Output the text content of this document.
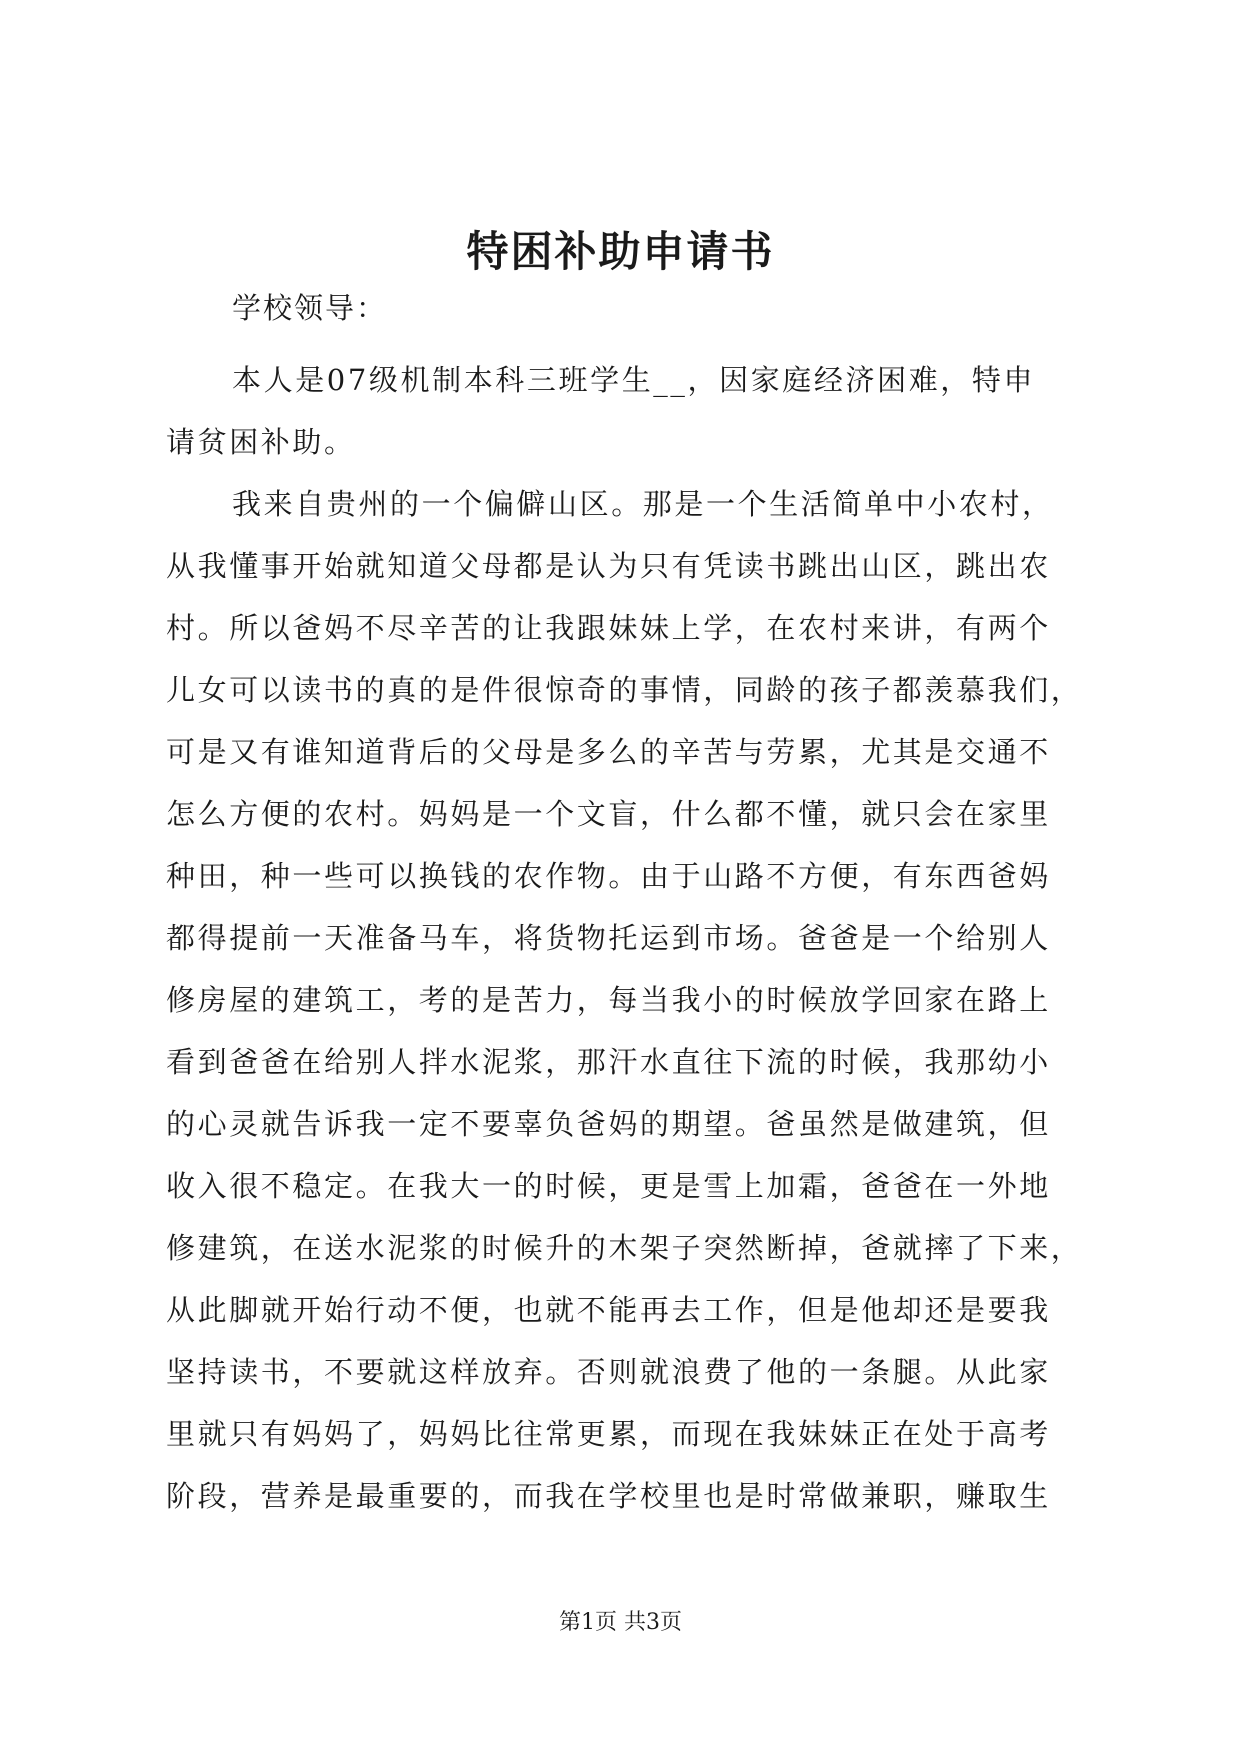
特困补助申请书
学校领导：
本人是07级机制本科三班学生__，因家庭经济困难，特申
请贫困补助。
我来自贵州的一个偏僻山区。那是一个生活简单中小农村，
从我懂事开始就知道父母都是认为只有凭读书跳出山区，跳出农
村。所以爸妈不尽辛苦的让我跟妹妹上学，在农村来讲，有两个
儿女可以读书的真的是件很惊奇的事情，同龄的孩子都羡慕我们，
可是又有谁知道背后的父母是多么的辛苦与劳累，尤其是交通不
怎么方便的农村。妈妈是一个文盲，什么都不懂，就只会在家里
种田，种一些可以换钱的农作物。由于山路不方便，有东西爸妈
都得提前一天准备马车，将货物托运到市场。爸爸是一个给别人
修房屋的建筑工，考的是苦力，每当我小的时候放学回家在路上
看到爸爸在给别人拌水泥浆，那汗水直往下流的时候，我那幼小
的心灵就告诉我一定不要辜负爸妈的期望。爸虽然是做建筑，但
收入很不稳定。在我大一的时候，更是雪上加霜，爸爸在一外地
修建筑，在送水泥浆的时候升的木架子突然断掉，爸就摔了下来，
从此脚就开始行动不便，也就不能再去工作，但是他却还是要我
坚持读书，不要就这样放弃。否则就浪费了他的一条腿。从此家
里就只有妈妈了，妈妈比往常更累，而现在我妹妹正在处于高考
阶段，营养是最重要的，而我在学校里也是时常做兼职，赚取生
第1页 共3页
